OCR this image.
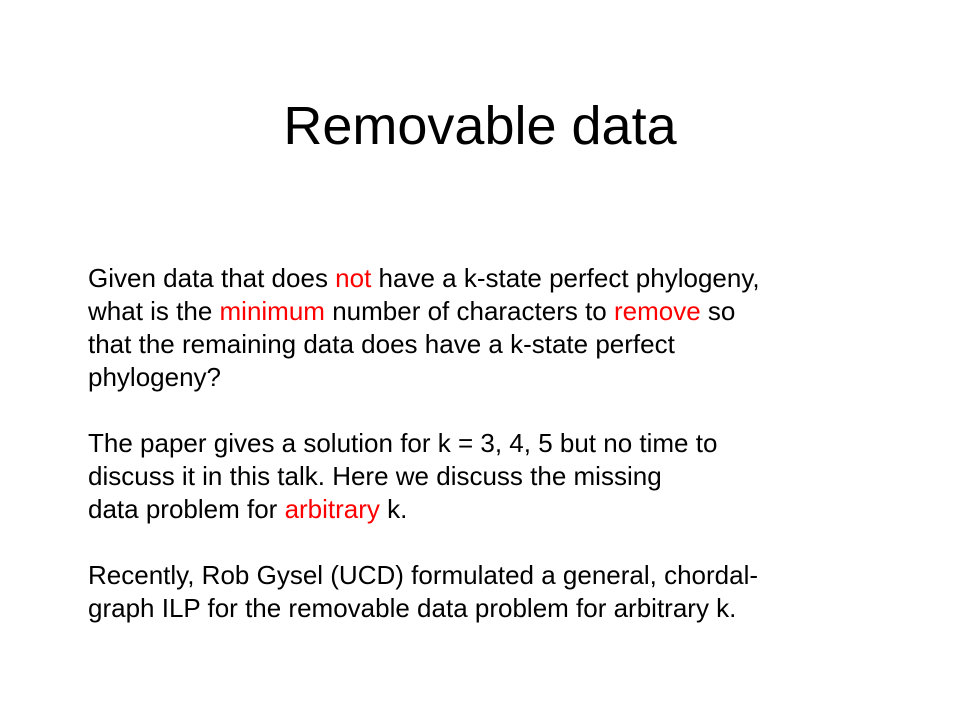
Removable data
Given data that does not have a k-state perfect phylogeny,
what is the minimum number of characters to remove so
that the remaining data does have a k-state perfect
phylogeny?
The paper gives a solution for k = 3, 4, 5 but no time to
discuss it in this talk. Here we discuss the missing
data problem for arbitrary k.
Recently, Rob Gysel (UCD) formulated a general, chordal-
graph ILP for the removable data problem for arbitrary k.
